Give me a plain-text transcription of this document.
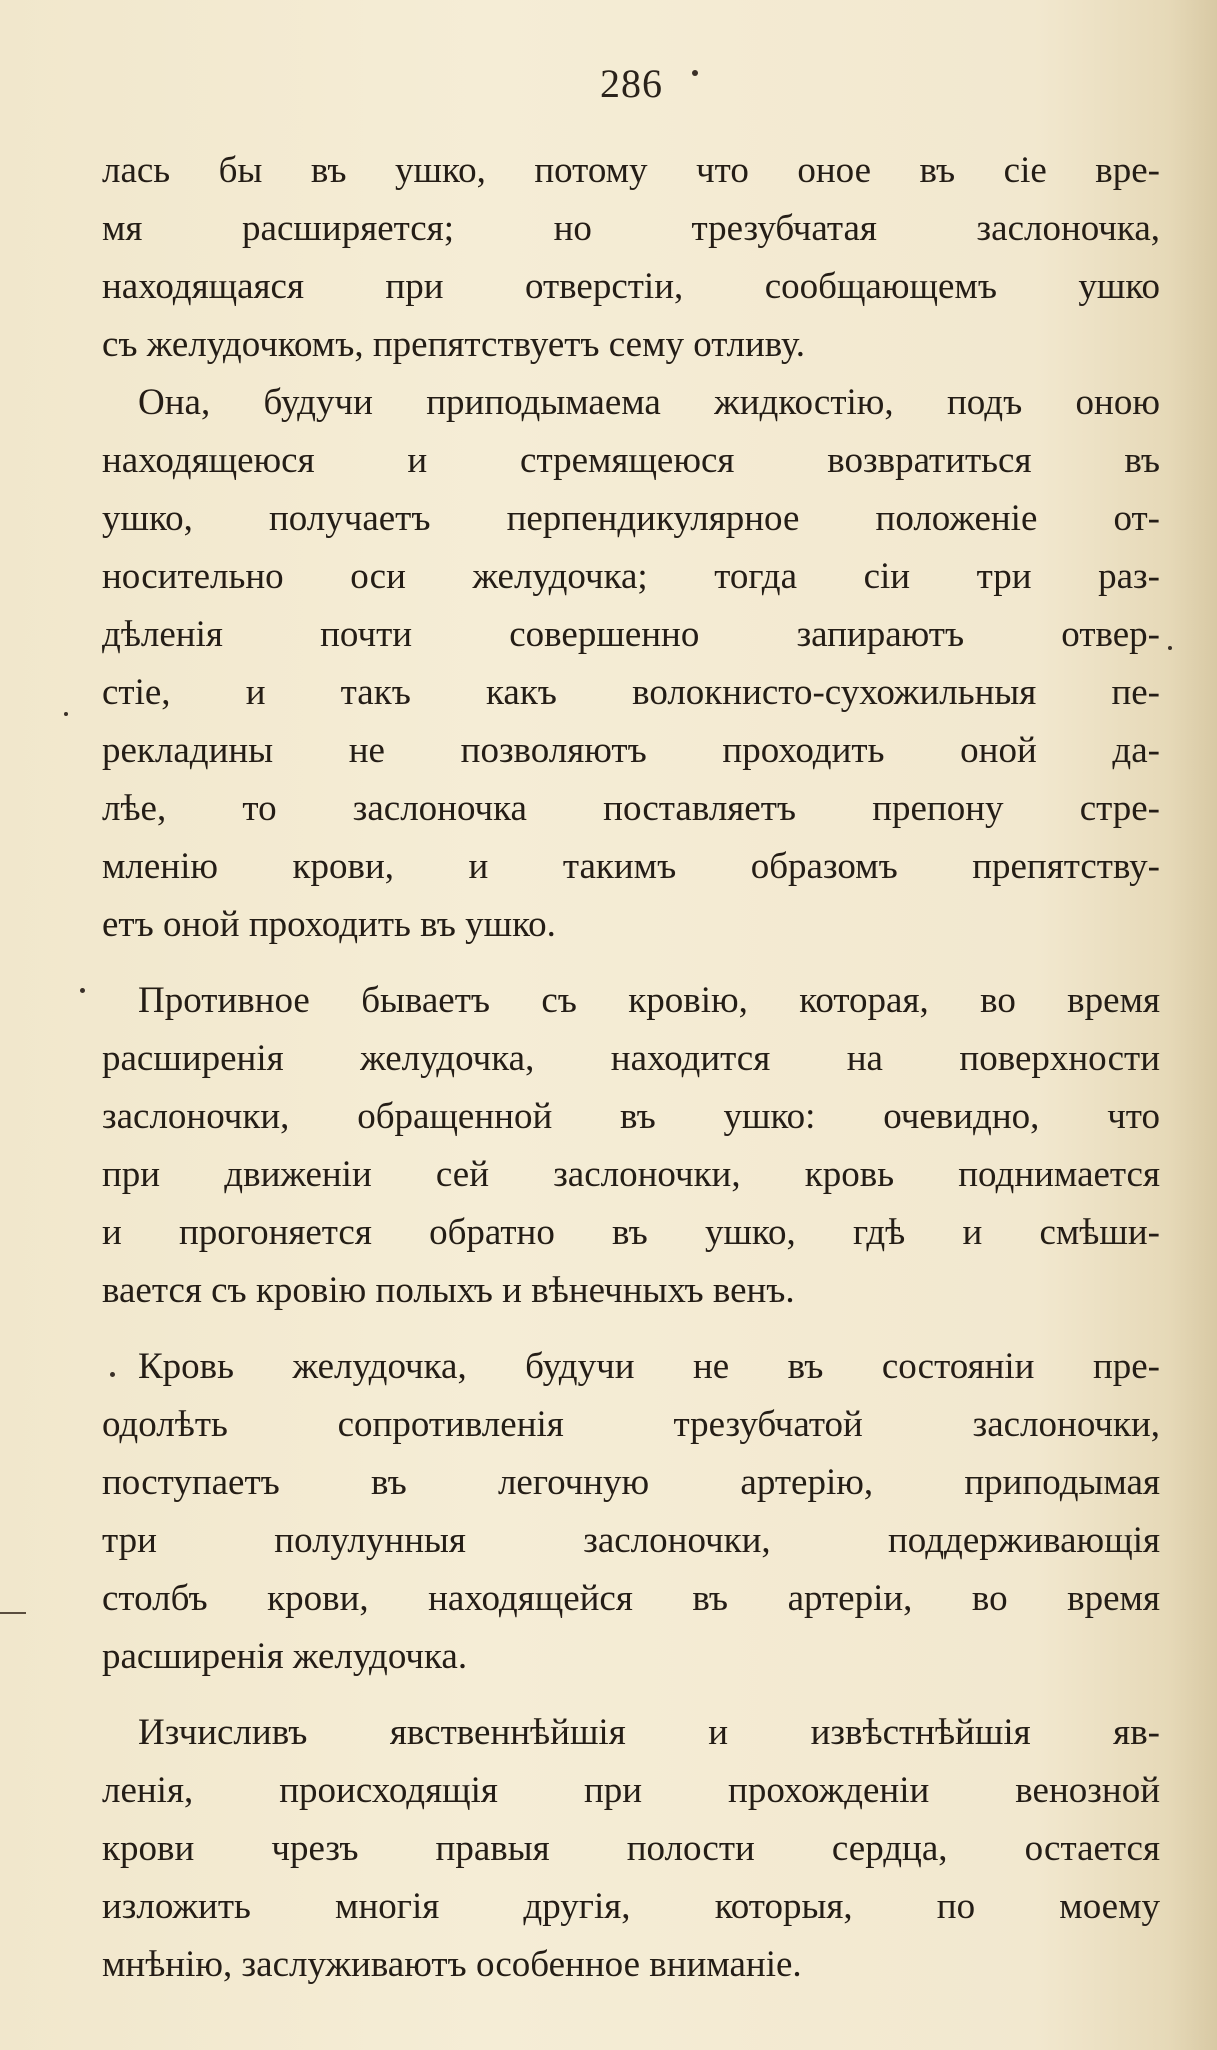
286
лась бы въ ушко, потому что оное въ сіе вре-
мя расширяется; но трезубчатая заслоночка,
находящаяся при отверстіи, сообщающемъ ушко
съ желудочкомъ, препятствуетъ сему отливу.
Она, будучи приподымаема жидкостію, подъ оною
находящеюся и стремящеюся возвратиться въ
ушко, получаетъ перпендикулярное положеніе от-
носительно оси желудочка; тогда сіи три раз-
дѣленія почти совершенно запираютъ отвер-
стіе, и такъ какъ волокнисто-сухожильныя пе-
рекладины не позволяютъ проходить оной да-
лѣе, то заслоночка поставляетъ препону стре-
мленію крови, и такимъ образомъ препятству-
етъ оной проходить въ ушко.
Противное бываетъ съ кровію, которая, во время
расширенія желудочка, находится на поверхности
заслоночки, обращенной въ ушко: очевидно, что
при движеніи сей заслоночки, кровь поднимается
и прогоняется обратно въ ушко, гдѣ и смѣши-
вается съ кровію полыхъ и вѣнечныхъ венъ.
Кровь желудочка, будучи не въ состояніи пре-
одолѣть сопротивленія трезубчатой заслоночки,
поступаетъ въ легочную артерію, приподымая
три полулунныя заслоночки, поддерживающія
столбъ крови, находящейся въ артеріи, во время
расширенія желудочка.
Изчисливъ явственнѣйшія и извѣстнѣйшія яв-
ленія, происходящія при прохожденіи венозной
крови чрезъ правыя полости сердца, остается
изложить многія другія, которыя, по моему
мнѣнію, заслуживаютъ особенное вниманіе.
